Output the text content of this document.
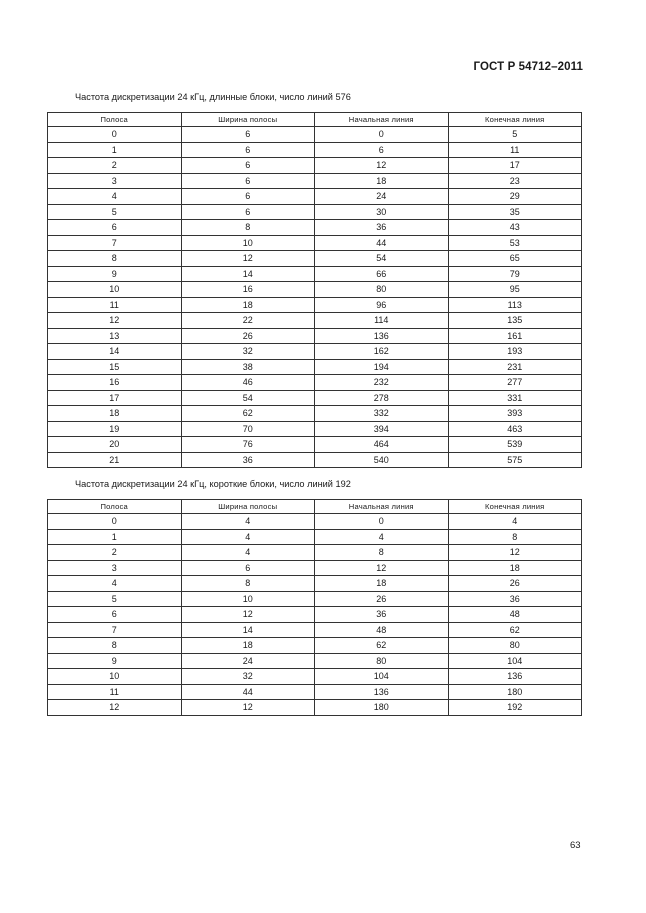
ГОСТ Р 54712–2011
Частота дискретизации 24 кГц, длинные блоки, число линий 576
Полоса	Ширина полосы	Начальная линия	Конечная линия
0	6	0	5
1	6	6	11
2	6	12	17
3	6	18	23
4	6	24	29
5	6	30	35
6	8	36	43
7	10	44	53
8	12	54	65
9	14	66	79
10	16	80	95
11	18	96	113
12	22	114	135
13	26	136	161
14	32	162	193
15	38	194	231
16	46	232	277
17	54	278	331
18	62	332	393
19	70	394	463
20	76	464	539
21	36	540	575
Частота дискретизации 24 кГц, короткие блоки, число линий 192
Полоса	Ширина полосы	Начальная линия	Конечная линия
0	4	0	4
1	4	4	8
2	4	8	12
3	6	12	18
4	8	18	26
5	10	26	36
6	12	36	48
7	14	48	62
8	18	62	80
9	24	80	104
10	32	104	136
11	44	136	180
12	12	180	192
63
